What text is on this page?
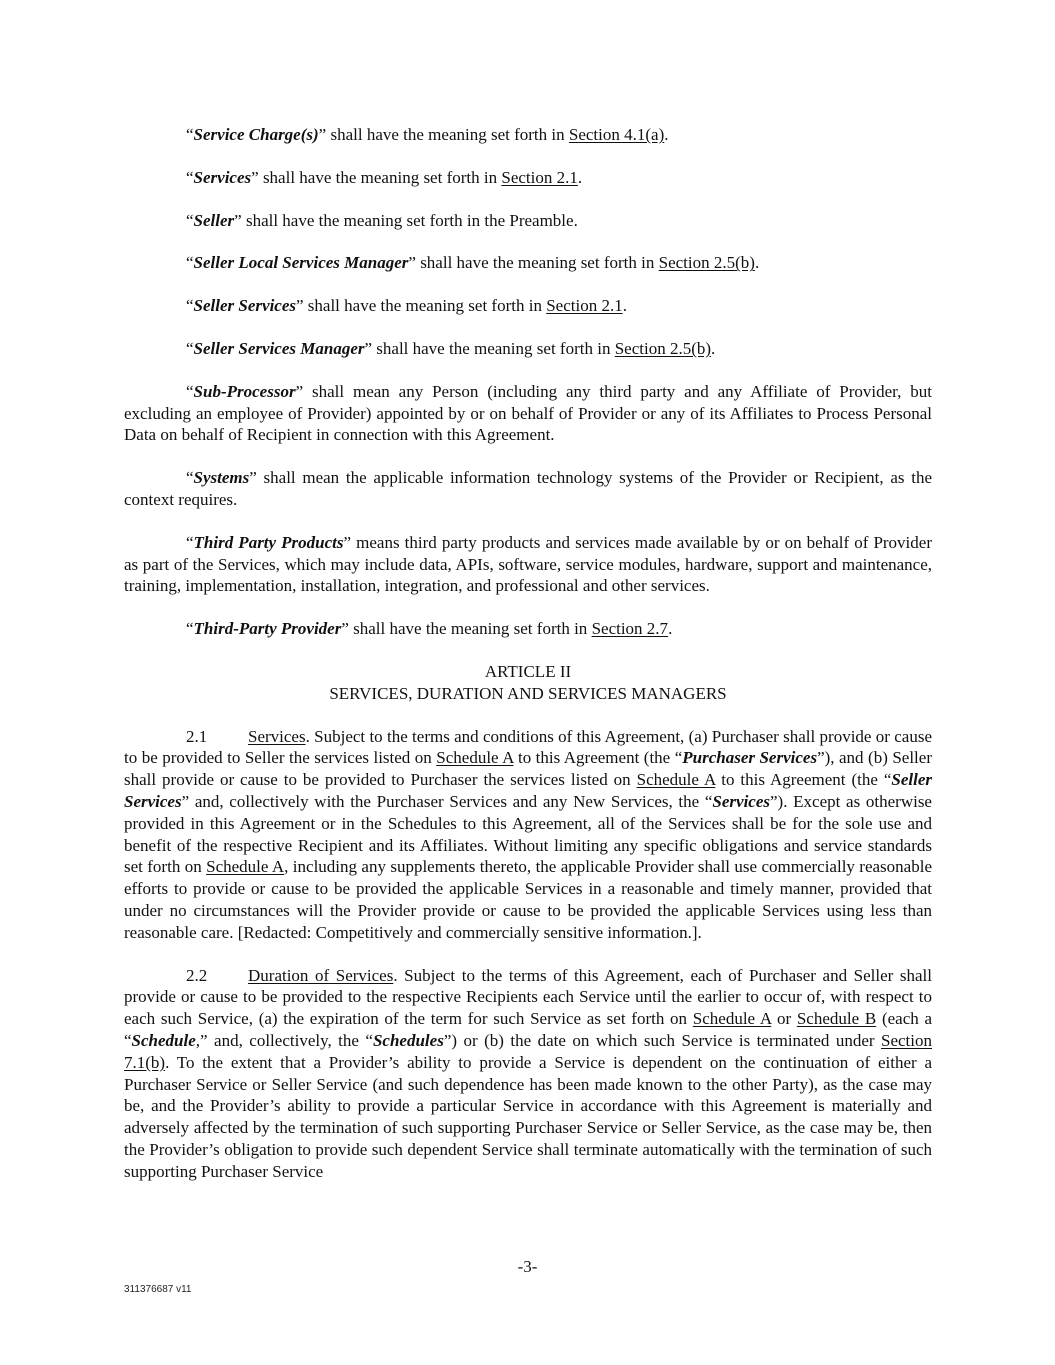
“Service Charge(s)” shall have the meaning set forth in Section 4.1(a).

“Services” shall have the meaning set forth in Section 2.1.

“Seller” shall have the meaning set forth in the Preamble.

“Seller Local Services Manager” shall have the meaning set forth in Section 2.5(b).

“Seller Services” shall have the meaning set forth in Section 2.1.

“Seller Services Manager” shall have the meaning set forth in Section 2.5(b).

“Sub-Processor” shall mean any Person (including any third party and any Affiliate of Provider, but excluding an employee of Provider) appointed by or on behalf of Provider or any of its Affiliates to Process Personal Data on behalf of Recipient in connection with this Agreement.

“Systems” shall mean the applicable information technology systems of the Provider or Recipient, as the context requires.

“Third Party Products” means third party products and services made available by or on behalf of Provider as part of the Services, which may include data, APIs, software, service modules, hardware, support and maintenance, training, implementation, installation, integration, and professional and other services.

“Third-Party Provider” shall have the meaning set forth in Section 2.7.

ARTICLE II
SERVICES, DURATION AND SERVICES MANAGERS

2.1 Services. Subject to the terms and conditions of this Agreement, (a) Purchaser shall provide or cause to be provided to Seller the services listed on Schedule A to this Agreement (the “Purchaser Services”), and (b) Seller shall provide or cause to be provided to Purchaser the services listed on Schedule A to this Agreement (the “Seller Services” and, collectively with the Purchaser Services and any New Services, the “Services”). Except as otherwise provided in this Agreement or in the Schedules to this Agreement, all of the Services shall be for the sole use and benefit of the respective Recipient and its Affiliates. Without limiting any specific obligations and service standards set forth on Schedule A, including any supplements thereto, the applicable Provider shall use commercially reasonable efforts to provide or cause to be provided the applicable Services in a reasonable and timely manner, provided that under no circumstances will the Provider provide or cause to be provided the applicable Services using less than reasonable care. [Redacted: Competitively and commercially sensitive information.].

2.2 Duration of Services. Subject to the terms of this Agreement, each of Purchaser and Seller shall provide or cause to be provided to the respective Recipients each Service until the earlier to occur of, with respect to each such Service, (a) the expiration of the term for such Service as set forth on Schedule A or Schedule B (each a “Schedule,” and, collectively, the “Schedules”) or (b) the date on which such Service is terminated under Section 7.1(b). To the extent that a Provider’s ability to provide a Service is dependent on the continuation of either a Purchaser Service or Seller Service (and such dependence has been made known to the other Party), as the case may be, and the Provider’s ability to provide a particular Service in accordance with this Agreement is materially and adversely affected by the termination of such supporting Purchaser Service or Seller Service, as the case may be, then the Provider’s obligation to provide such dependent Service shall terminate automatically with the termination of such supporting Purchaser Service

-3-
311376687 v11
